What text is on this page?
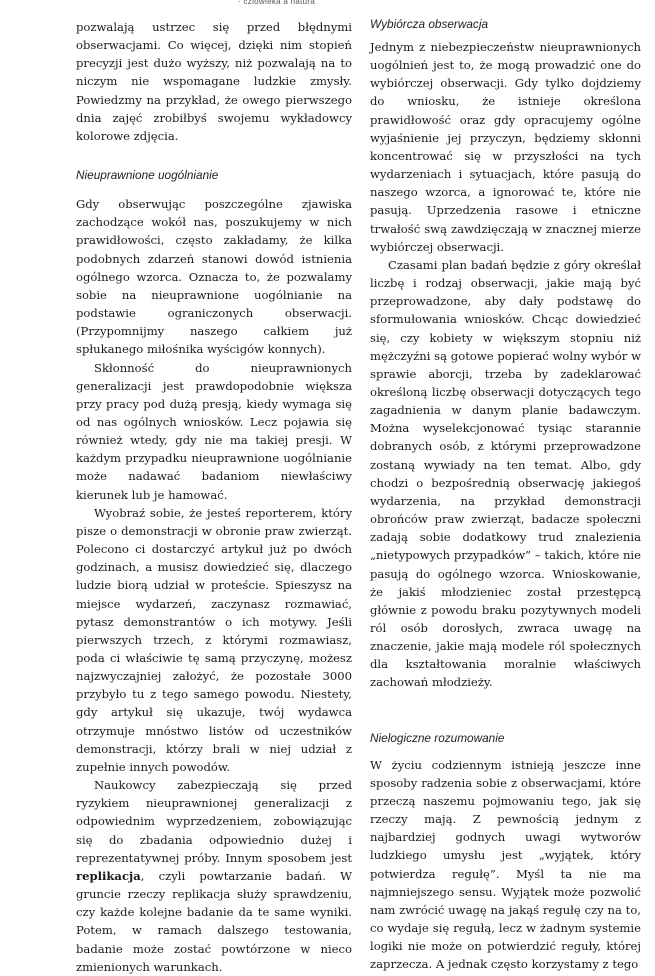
· czlowieka a natura

pozwalają ustrzec się przed błędnymi obserwacjami. Co więcej, dzięki nim stopień precyzji jest dużo wyższy, niż pozwalają na to niczym nie wspomagane ludzkie zmysły. Powiedzmy na przykład, że owego pierwszego dnia zajęć zrobiłbyś swojemu wykładowcy kolorowe zdjęcia.

Nieuprawnione uogólnianie

Gdy obserwując poszczególne zjawiska zachodzące wokół nas, poszukujemy w nich prawidłowości, często zakładamy, że kilka podobnych zdarzeń stanowi dowód istnienia ogólnego wzorca. Oznacza to, że pozwalamy sobie na nieuprawnione uogólnianie na podstawie ograniczonych obserwacji. (Przypomnijmy naszego całkiem już spłukanego miłośnika wyścigów konnych).

Skłonność do nieuprawnionych generalizacji jest prawdopodobnie większa przy pracy pod dużą presją, kiedy wymaga się od nas ogólnych wniosków. Lecz pojawia się również wtedy, gdy nie ma takiej presji. W każdym przypadku nieuprawnione uogólnianie może nadawać badaniom niewłaściwy kierunek lub je hamować.

Wyobraź sobie, że jesteś reporterem, który pisze o demonstracji w obronie praw zwierząt. Polecono ci dostarczyć artykuł już po dwóch godzinach, a musisz dowiedzieć się, dlaczego ludzie biorą udział w proteście. Spieszysz na miejsce wydarzeń, zaczynasz rozmawiać, pytasz demonstrantów o ich motywy. Jeśli pierwszych trzech, z którymi rozmawiasz, poda ci właściwie tę samą przyczynę, możesz najzwyczajniej założyć, że pozostałe 3000 przybyło tu z tego samego powodu. Niestety, gdy artykuł się ukazuje, twój wydawca otrzymuje mnóstwo listów od uczestników demonstracji, którzy brali w niej udział z zupełnie innych powodów.

Naukowcy zabezpieczają się przed ryzykiem nieuprawnionej generalizacji z odpowiednim wyprzedzeniem, zobowiązując się do zbadania odpowiednio dużej i reprezentatywnej próby. Innym sposobem jest replikacja, czyli powtarzanie badań. W gruncie rzeczy replikacja służy sprawdzeniu, czy każde kolejne badanie da te same wyniki. Potem, w ramach dalszego testowania, badanie może zostać powtórzone w nieco zmienionych warunkach.

Wybiórcza obserwacja

Jednym z niebezpieczeństw nieuprawnionych uogólnień jest to, że mogą prowadzić one do wybiórczej obserwacji. Gdy tylko dojdziemy do wniosku, że istnieje określona prawidłowość oraz gdy opracujemy ogólne wyjaśnienie jej przyczyn, będziemy skłonni koncentrować się w przyszłości na tych wydarzeniach i sytuacjach, które pasują do naszego wzorca, a ignorować te, które nie pasują. Uprzedzenia rasowe i etniczne trwałość swą zawdzięczają w znacznej mierze wybiórczej obserwacji.

Czasami plan badań będzie z góry określał liczbę i rodzaj obserwacji, jakie mają być przeprowadzone, aby dały podstawę do sformułowania wniosków. Chcąc dowiedzieć się, czy kobiety w większym stopniu niż mężczyźni są gotowe popierać wolny wybór w sprawie aborcji, trzeba by zadeklarować określoną liczbę obserwacji dotyczących tego zagadnienia w danym planie badawczym. Można wyselekcjonować tysiąc starannie dobranych osób, z którymi przeprowadzone zostaną wywiady na ten temat. Albo, gdy chodzi o bezpośrednią obserwację jakiegoś wydarzenia, na przykład demonstracji obrońców praw zwierząt, badacze społeczni zadają sobie dodatkowy trud znalezienia „nietypowych przypadków” – takich, które nie pasują do ogólnego wzorca. Wnioskowanie, że jakiś młodzieniec został przestępcą głównie z powodu braku pozytywnych modeli ról osób dorosłych, zwraca uwagę na znaczenie, jakie mają modele ról społecznych dla kształtowania moralnie właściwych zachowań młodzieży.

Nielogiczne rozumowanie

W życiu codziennym istnieją jeszcze inne sposoby radzenia sobie z obserwacjami, które przeczą naszemu pojmowaniu tego, jak się rzeczy mają. Z pewnością jednym z najbardziej godnych uwagi wytworów ludzkiego umysłu jest „wyjątek, który potwierdza regułę”. Myśl ta nie ma najmniejszego sensu. Wyjątek może pozwolić nam zwrócić uwagę na jakąś regułę czy na to, co wydaje się regułą, lecz w żadnym systemie logiki nie może on potwierdzić reguły, której zaprzecza. A jednak często korzystamy z tego
